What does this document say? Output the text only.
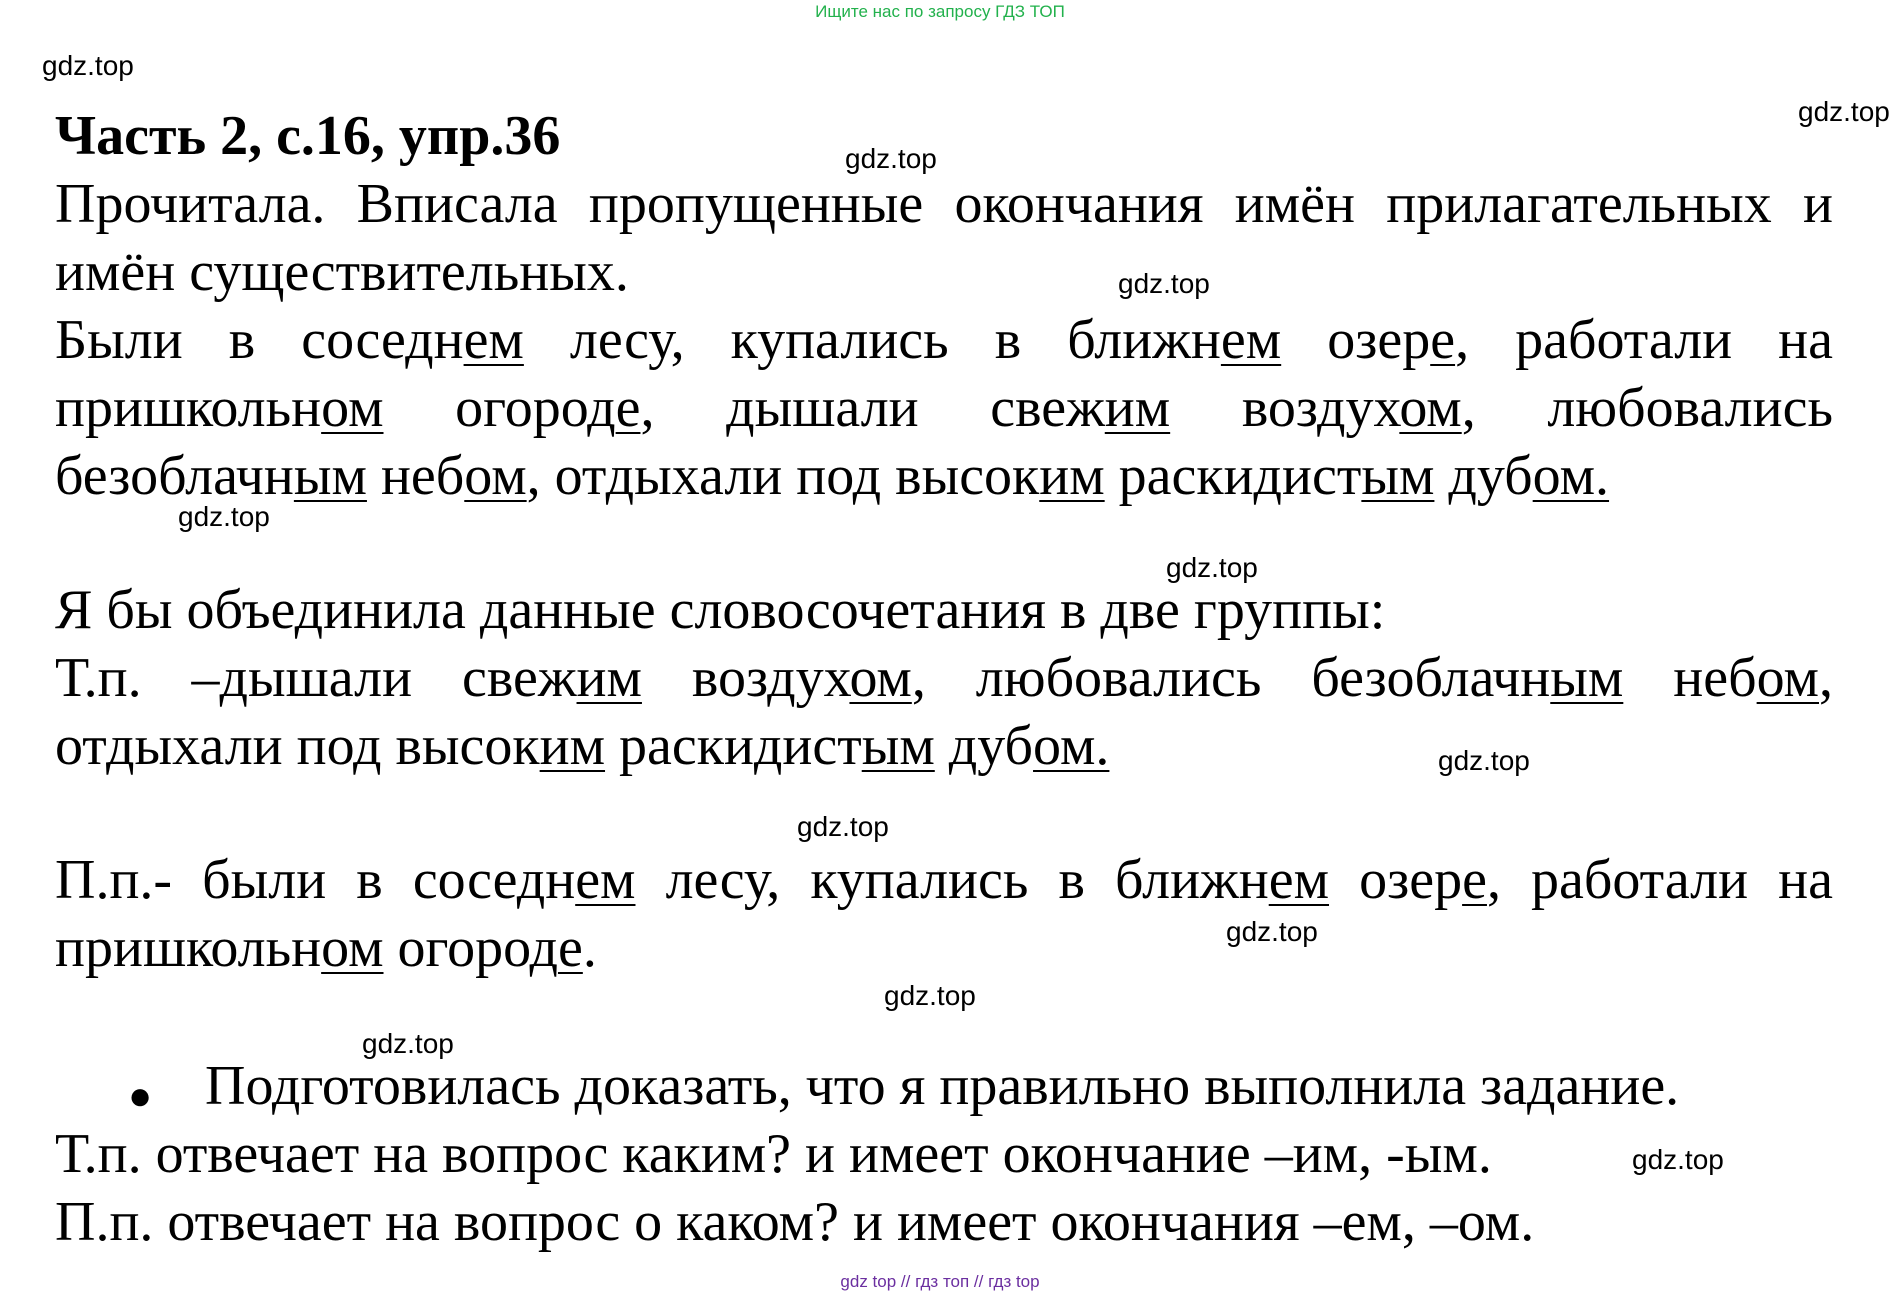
Ищите нас по запросу ГДЗ ТОП
gdz.top
gdz.top
gdz.top
gdz.top
gdz.top
gdz.top
gdz.top
gdz.top
gdz.top
gdz.top
gdz.top
gdz.top
Часть 2, с.16, упр.36
Прочитала. Вписала пропущенные окончания имён прилагательных и
имён существительных.
Были в соседнем лесу, купались в ближнем озере, работали на
пришкольном огороде, дышали свежим воздухом, любовались
безоблачным небом, отдыхали под высоким раскидистым дубом.
Я бы объединила данные словосочетания в две группы:
Т.п. –дышали свежим воздухом, любовались безоблачным небом,
отдыхали под высоким раскидистым дубом.
П.п.- были в соседнем лесу, купались в ближнем озере, работали на
пришкольном огороде.
● Подготовилась доказать, что я правильно выполнила задание.
Т.п. отвечает на вопрос каким? и имеет окончание –им, -ым.
П.п. отвечает на вопрос о каком? и имеет окончания –ем, –ом.
gdz top // гдз топ // гдз top
